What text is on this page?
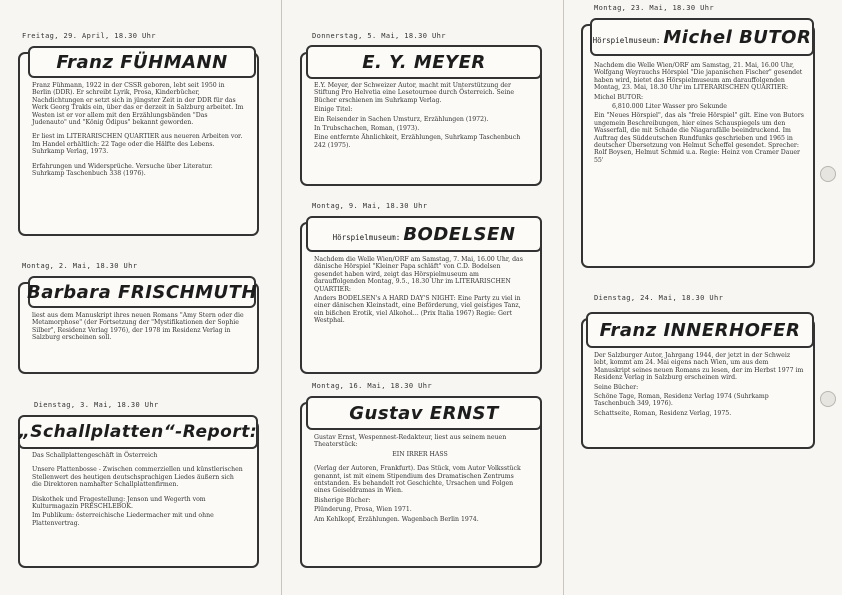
Freitag, 29. April, 18.30 Uhr
Franz FÜHMANN

Franz Fühmann, 1922 in der CSSR geboren, lebt seit 1950 in Berlin (DDR). Er schreibt Lyrik, Prosa, Kinderbücher, Nachdichtungen er setzt sich in jüngster Zeit in der DDR für das Werk Georg Trakls ein, über das er derzeit in Salzburg arbeitet. Im Westen ist er vor allem mit den Erzählungsbänden "Das Judenauto" und "König Ödipus" bekannt geworden.

Er liest im LITERARISCHEN QUARTIER aus neueren Arbeiten vor. Im Handel erhältlich: 22 Tage oder die Hälfte des Lebens. Suhrkamp Verlag, 1973.

Erfahrungen und Widersprüche. Versuche über Literatur. Suhrkamp Taschenbuch 338 (1976).

Montag, 2. Mai, 18.30 Uhr
Barbara FRISCHMUTH

liest aus dem Manuskript ihres neuen Romans "Amy Stern oder die Metamorphose" (der Fortsetzung der "Mystifikationen der Sophie Silber", Residenz Verlag 1976), der 1978 im Residenz Verlag in Salzburg erscheinen soll.

Dienstag, 3. Mai, 18.30 Uhr
„Schallplatten“-Report:

Das Schallplattengeschäft in Österreich

Unsere Plattenbosse - Zwischen commerziellen und künstlerischen Stellenwert des heutigen deutschsprachigen Liedes äußern sich die Direktoren namhafter Schallplattenfirmen.

Diskothek und Fragestellung: Jenson und Wegerth vom Kulturmagazin PRESCHLEBOK.

Im Publikum: österreichische Liedermacher mit und ohne Plattenvertrag.

Donnerstag, 5. Mai, 18.30 Uhr
E. Y. MEYER

E.Y. Meyer, der Schweizer Autor, macht mit Unterstützung der Stiftung Pro Helvetia eine Lesetournee durch Österreich. Seine Bücher erschienen im Suhrkamp Verlag.

Einige Titel:

Ein Reisender in Sachen Umsturz, Erzählungen (1972).

In Trubschachen, Roman, (1973).

Eine entfernte Ähnlichkeit, Erzählungen, Suhrkamp Taschenbuch 242 (1975).

Montag, 9. Mai, 18.30 Uhr
Hörspielmuseum: BODELSEN

Nachdem die Welle Wien/ORF am Samstag, 7. Mai, 16.00 Uhr, das dänische Hörspiel "Kleiner Papa schläft" von C.D. Bodelsen gesendet haben wird, zeigt das Hörspielmuseum am darauffolgenden Montag, 9.5., 18.30 Uhr im LITERARISCHEN QUARTIER:

Anders BODELSEN's A HARD DAY'S NIGHT: Eine Party zu viel in einer dänischen Kleinstadt, eine Beförderung, viel geistiges Tanz, ein bißchen Erotik, viel Alkohol... (Prix Italia 1967) Regie: Gert Westphal.

Montag, 16. Mai, 18.30 Uhr
Gustav ERNST

Gustav Ernst, Wespennest-Redakteur, liest aus seinem neuen Theaterstück:

EIN IRRER HASS

(Verlag der Autoren, Frankfurt). Das Stück, vom Autor Volksstück genannt, ist mit einem Stipendium des Dramatischen Zentrums entstanden. Es behandelt rot Geschichte, Ursachen und Folgen eines Geiseldramas in Wien.

Bisherige Bücher:

Plünderung, Prosa, Wien 1971.

Am Kehlkopf, Erzählungen. Wagenbach Berlin 1974.

Montag, 23. Mai, 18.30 Uhr
Hörspielmuseum: Michel BUTOR

Nachdem die Welle Wien/ORF am Samstag, 21. Mai, 16.00 Uhr, Wolfgang Weyrauchs Hörspiel "Die japanischen Fischer" gesendet haben wird, bietet das Hörspielmuseum am darauffolgenden Montag, 23. Mai, 18.30 Uhr im LITERARISCHEN QUARTIER:

Michel BUTOR:

6,810.000 Liter Wasser pro Sekunde

Ein "Neues Hörspiel", das als "freie Hörspiel" gilt. Eine von Butors ungemein Beschreibungen, hier eines Schauspiegels um den Wasserfall, die mit Schade die Niagarafälle beeindruckend. Im Auftrag des Süddeutschen Rundfunks geschrieben und 1965 in deutscher Übersetzung von Helmut Scheffel gesendet. Sprecher: Rolf Boysen, Helmut Schmid u.a. Regie: Heinz von Cramer Dauer 55'

Dienstag, 24. Mai, 18.30 Uhr
Franz INNERHOFER

Der Salzburger Autor, Jahrgang 1944, der jetzt in der Schweiz lebt, kommt am 24. Mai eigens nach Wien, um aus dem Manuskript seines neuen Romans zu lesen, der im Herbst 1977 im Residenz Verlag in Salzburg erscheinen wird.

Seine Bücher:

Schöne Tage, Roman, Residenz Verlag 1974 (Suhrkamp Taschenbuch 349, 1976).

Schattseite, Roman, Residenz Verlag, 1975.
